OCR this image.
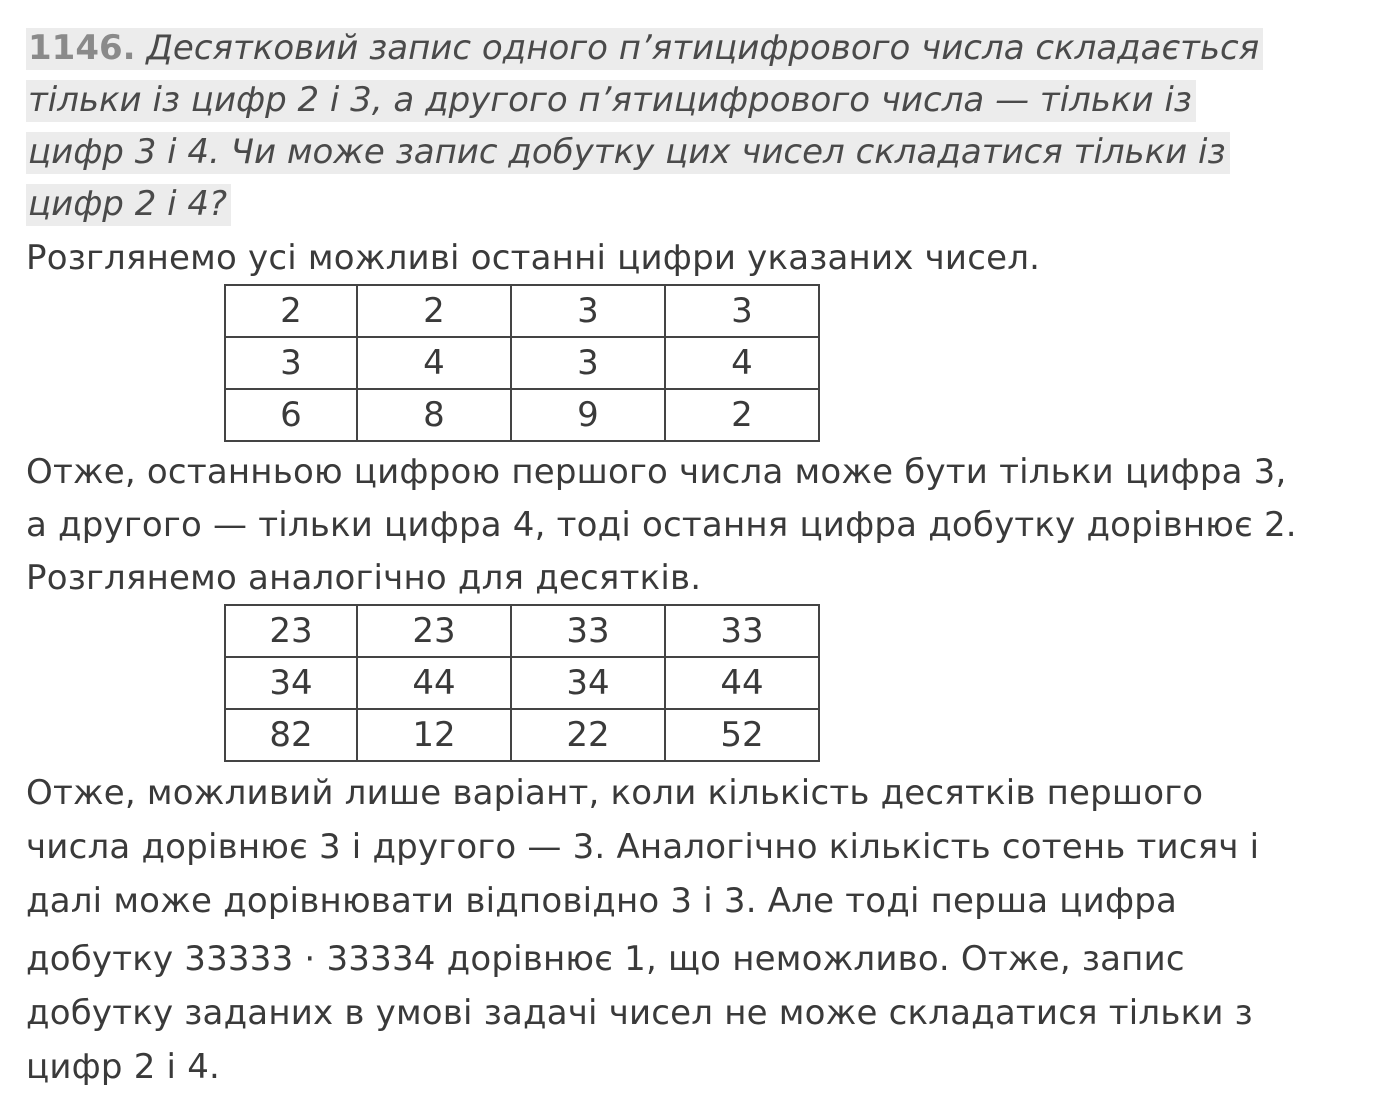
1146. Десятковий запис одного п’ятицифрового числа складається
тільки із цифр 2 і 3, а другого п’ятицифрового числа — тільки із
цифр 3 і 4. Чи може запис добутку цих чисел складатися тільки із
цифр 2 і 4?
Розглянемо усі можливі останні цифри указаних чисел.
2	2	3	3
3	4	3	4
6	8	9	2
Отже, останньою цифрою першого числа може бути тільки цифра 3,
а другого — тільки цифра 4, тоді остання цифра добутку дорівнює 2.
Розглянемо аналогічно для десятків.
23	23	33	33
34	44	34	44
82	12	22	52
Отже, можливий лише варіант, коли кількість десятків першого
числа дорівнює 3 і другого — 3. Аналогічно кількість сотень тисяч і
далі може дорівнювати відповідно 3 і 3. Але тоді перша цифра
добутку 33333 · 33334 дорівнює 1, що неможливо. Отже, запис
добутку заданих в умові задачі чисел не може складатися тільки з
цифр 2 і 4.
